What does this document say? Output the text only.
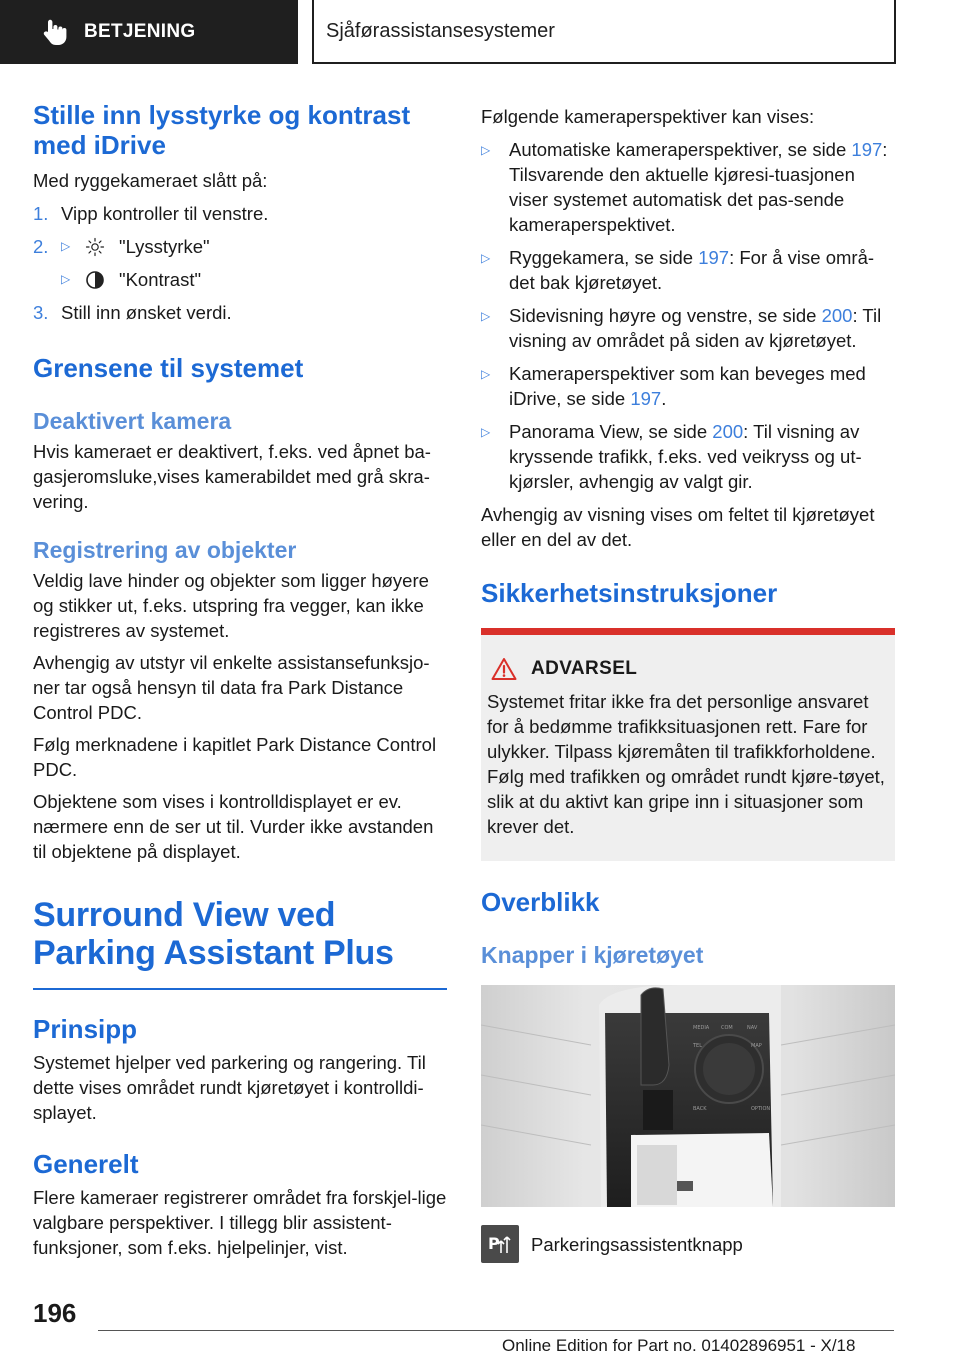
BETJENING	Sjåførassistansesystemer
Stille inn lysstyrke og kontrast med iDrive
Med ryggekameraet slått på:
1. Vipp kontroller til venstre.
2.	▷	"Lysstyrke"
▷	"Kontrast"
3. Still inn ønsket verdi.
Grensene til systemet
Deaktivert kamera
Hvis kameraet er deaktivert, f.eks. ved åpnet ba-gasjeromsluke,vises kamerabildet med grå skra-vering.
Registrering av objekter
Veldig lave hinder og objekter som ligger høyere og stikker ut, f.eks. utspring fra vegger, kan ikke registreres av systemet.
Avhengig av utstyr vil enkelte assistansefunksjo-ner tar også hensyn til data fra Park Distance Control PDC.
Følg merknadene i kapitlet Park Distance Control PDC.
Objektene som vises i kontrolldisplayet er ev. nærmere enn de ser ut til. Vurder ikke avstanden til objektene på displayet.
Surround View ved Parking Assistant Plus
Prinsipp
Systemet hjelper ved parkering og rangering. Til dette vises området rundt kjøretøyet i kontrolldi-splayet.
Generelt
Flere kameraer registrerer området fra forskjel-lige valgbare perspektiver. I tillegg blir assistent-funksjoner, som f.eks. hjelpelinjer, vist.
Følgende kameraperspektiver kan vises:
▷	Automatiske kameraperspektiver, se side 197: Tilsvarende den aktuelle kjøresi-tuasjonen viser systemet automatisk det pas-sende kameraperspektivet.
▷	Ryggekamera, se side 197: For å vise områ-det bak kjøretøyet.
▷	Sidevisning høyre og venstre, se side 200: Til visning av området på siden av kjøretøyet.
▷	Kameraperspektiver som kan beveges med iDrive, se side 197.
▷	Panorama View, se side 200: Til visning av kryssende trafikk, f.eks. ved veikryss og ut-kjørsler, avhengig av valgt gir.
Avhengig av visning vises om feltet til kjøretøyet eller en del av det.
Sikkerhetsinstruksjoner
ADVARSEL
Systemet fritar ikke fra det personlige ansvaret for å bedømme trafikksituasjonen rett. Fare for ulykker. Tilpass kjøremåten til trafikkforholdene. Følg med trafikken og området rundt kjøre-tøyet, slik at du aktivt kan gripe inn i situasjoner som krever det.
Overblikk
Knapper i kjøretøyet
MEDIA COM	NAV
TEL	MAP
BACK	OPTION
P Parkeringsassistentknapp
196
Online Edition for Part no. 01402896951 - X/18
